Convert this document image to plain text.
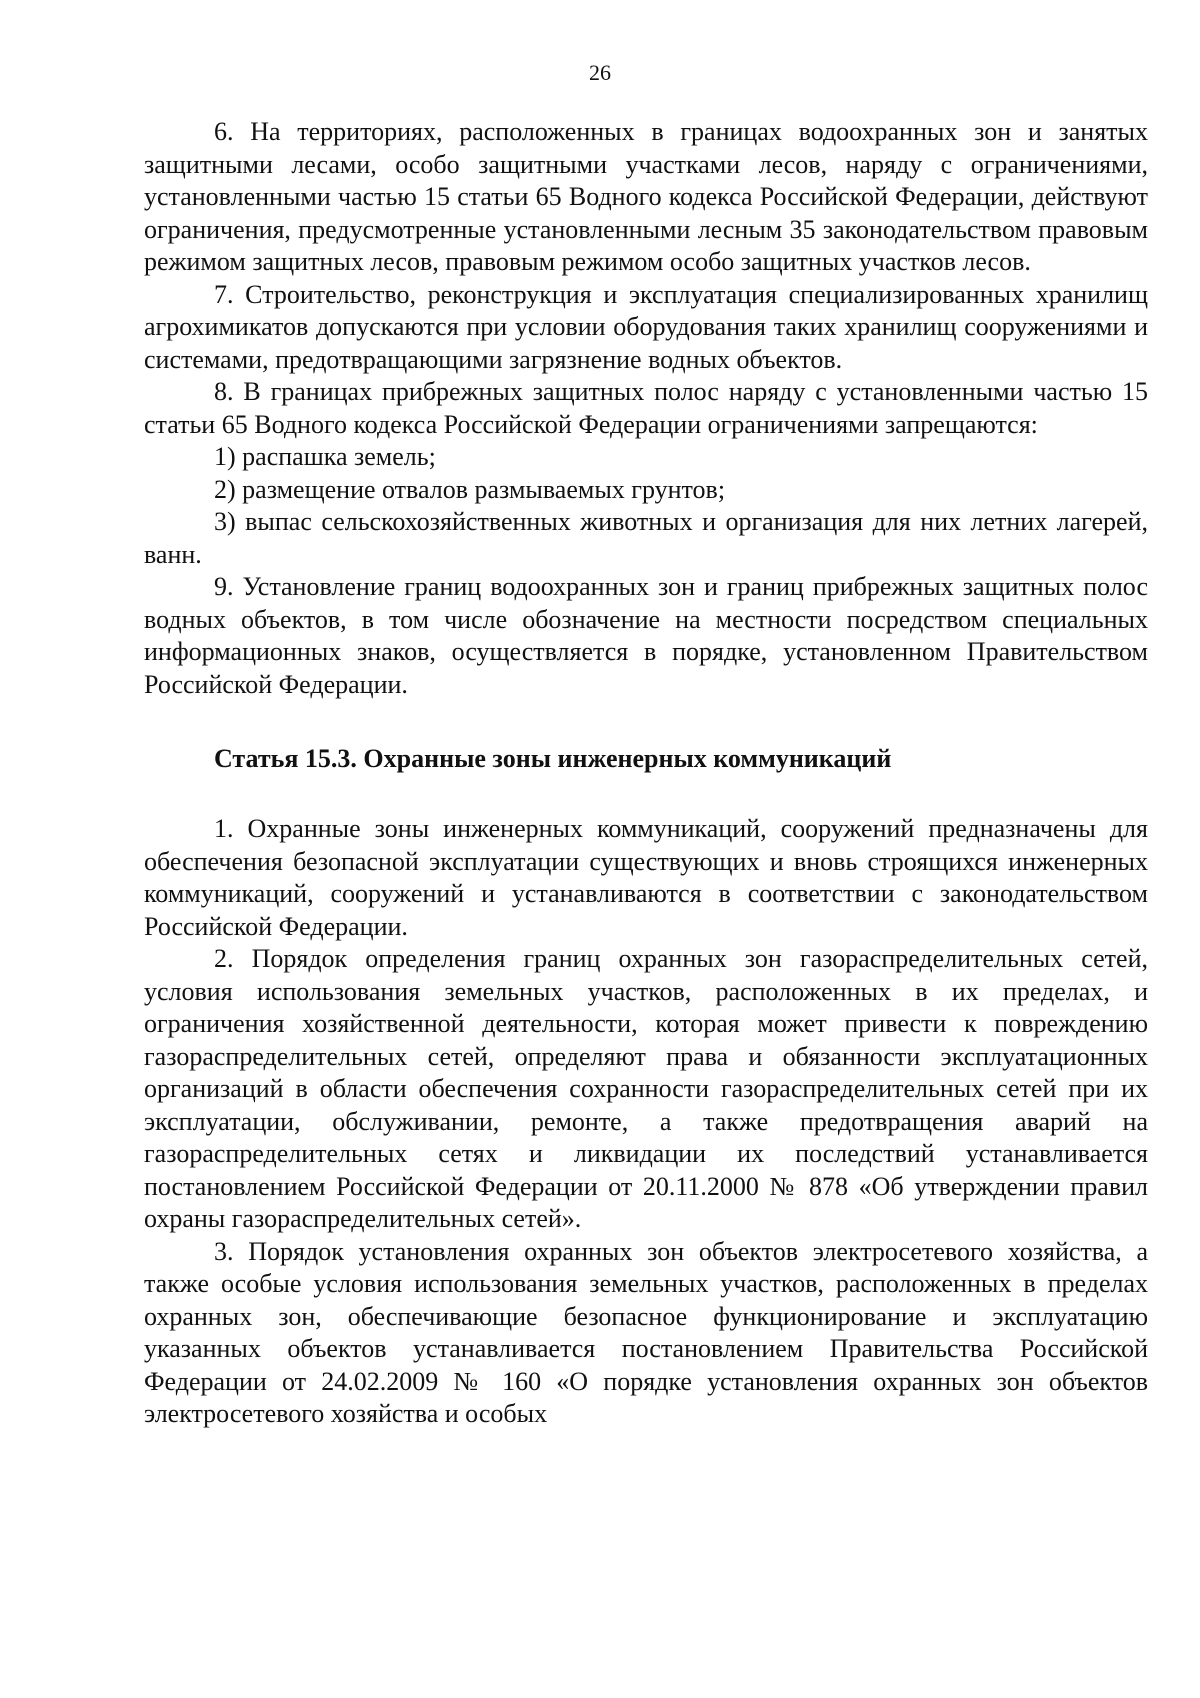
26

6. На территориях, расположенных в границах водоохранных зон и занятых защитными лесами, особо защитными участками лесов, наряду с ограничениями, установленными частью 15 статьи 65 Водного кодекса Российской Федерации, действуют ограничения, предусмотренные установленными лесным 35 законодательством правовым режимом защитных лесов, правовым режимом особо защитных участков лесов.

7. Строительство, реконструкция и эксплуатация специализированных хранилищ агрохимикатов допускаются при условии оборудования таких хранилищ сооружениями и системами, предотвращающими загрязнение водных объектов.

8. В границах прибрежных защитных полос наряду с установленными частью 15 статьи 65 Водного кодекса Российской Федерации ограничениями запрещаются:

1) распашка земель;

2) размещение отвалов размываемых грунтов;

3) выпас сельскохозяйственных животных и организация для них летних лагерей, ванн.

9. Установление границ водоохранных зон и границ прибрежных защитных полос водных объектов, в том числе обозначение на местности посредством специальных информационных знаков, осуществляется в порядке, установленном Правительством Российской Федерации.

Статья 15.3. Охранные зоны инженерных коммуникаций

1. Охранные зоны инженерных коммуникаций, сооружений предназначены для обеспечения безопасной эксплуатации существующих и вновь строящихся инженерных коммуникаций, сооружений и устанавливаются в соответствии с законодательством Российской Федерации.

2. Порядок определения границ охранных зон газораспределительных сетей, условия использования земельных участков, расположенных в их пределах, и ограничения хозяйственной деятельности, которая может привести к повреждению газораспределительных сетей, определяют права и обязанности эксплуатационных организаций в области обеспечения сохранности газораспределительных сетей при их эксплуатации, обслуживании, ремонте, а также предотвращения аварий на газораспределительных сетях и ликвидации их последствий устанавливается постановлением Российской Федерации от 20.11.2000 № 878 «Об утверждении правил охраны газораспределительных сетей».

3. Порядок установления охранных зон объектов электросетевого хозяйства, а также особые условия использования земельных участков, расположенных в пределах охранных зон, обеспечивающие безопасное функционирование и эксплуатацию указанных объектов устанавливается постановлением Правительства Российской Федерации от 24.02.2009 № 160 «О порядке установления охранных зон объектов электросетевого хозяйства и особых
